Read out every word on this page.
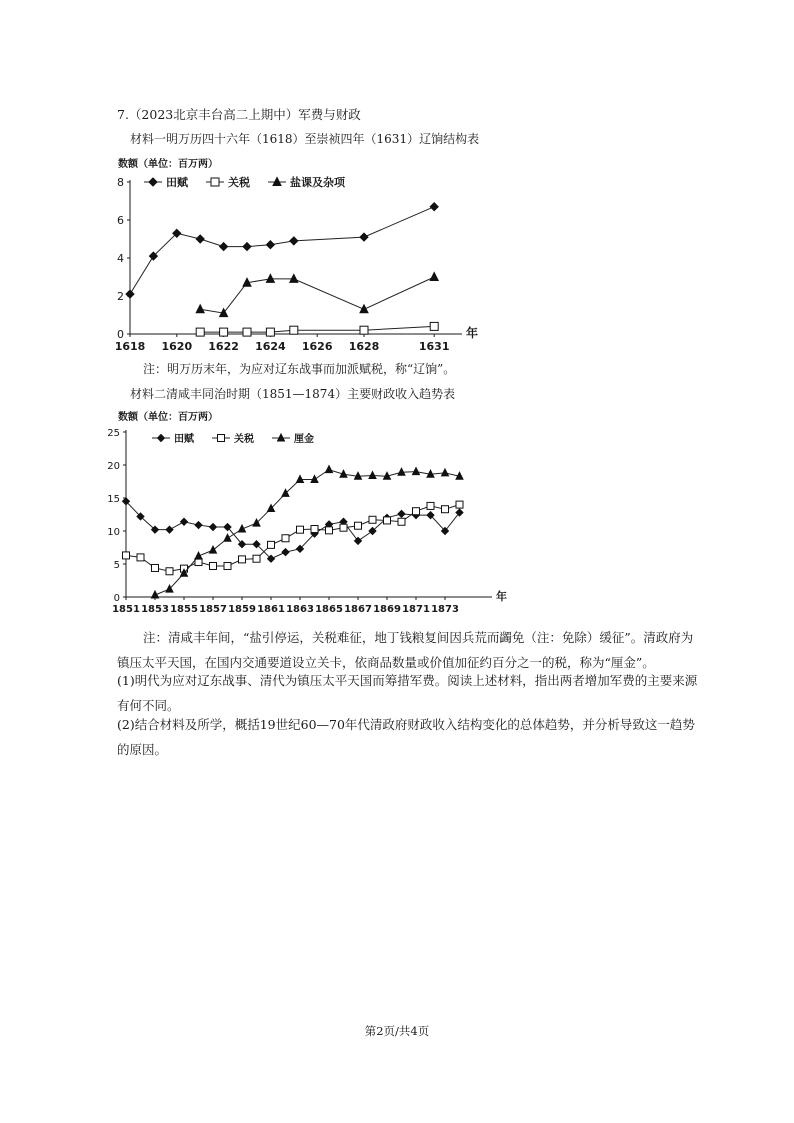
7.（2023北京丰台高二上期中）军费与财政
材料一明万历四十六年（1618）至崇祯四年（1631）辽饷结构表
数额（单位：百万两）
0
2
4
6
8
1618 1620 1622 1624 1626 1628	1631
年
田赋	关税	盐课及杂项
0
5
10
15
20
25
1851 1853 1855 1857 1859 1861 1863 1865 1867 1869 1871 1873
年
田赋	关税	厘金
注：明万历末年，为应对辽东战事而加派赋税，称“辽饷”。
材料二清咸丰同治时期（1851—1874）主要财政收入趋势表
数额（单位：百万两）
注：清咸丰年间，“盐引停运，关税难征，地丁钱粮复间因兵荒而蠲免（注：免除）缓征”。清政府为镇压太平天国，在国内交通要道设立关卡，依商品数量或价值加征约百分之一的税，称为“厘金”。
(1)明代为应对辽东战事、清代为镇压太平天国而筹措军费。阅读上述材料，指出两者增加军费的主要来源有何不同。
(2)结合材料及所学，概括19世纪60—70年代清政府财政收入结构变化的总体趋势，并分析导致这一趋势的原因。
第2页/共4页
